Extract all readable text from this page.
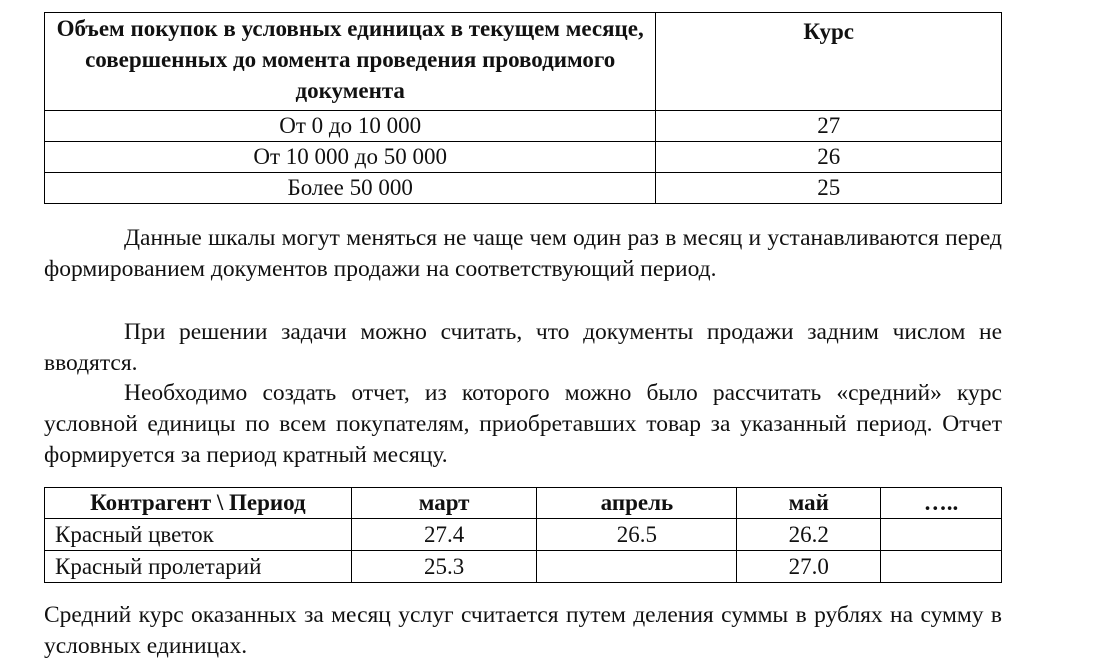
Объем покупок в условных единицах в текущем месяце, совершенных до момента проведения проводимого документа	Курс
От 0 до 10 000	27
От 10 000 до 50 000	26
Более 50 000	25
Данные шкалы могут меняться не чаще чем один раз в месяц и устанавливаются перед формированием документов продажи на соответствующий период.
При решении задачи можно считать, что документы продажи задним числом не вводятся.
Необходимо создать отчет, из которого можно было рассчитать «средний» курс условной единицы по всем покупателям, приобретавших товар за указанный период. Отчет формируется за период кратный месяцу.
Контрагент \ Период	март	апрель	май	…..
Красный цветок	27.4	26.5	26.2	
Красный пролетарий	25.3		27.0	
Средний курс оказанных за месяц услуг считается путем деления суммы в рублях на сумму в условных единицах.
